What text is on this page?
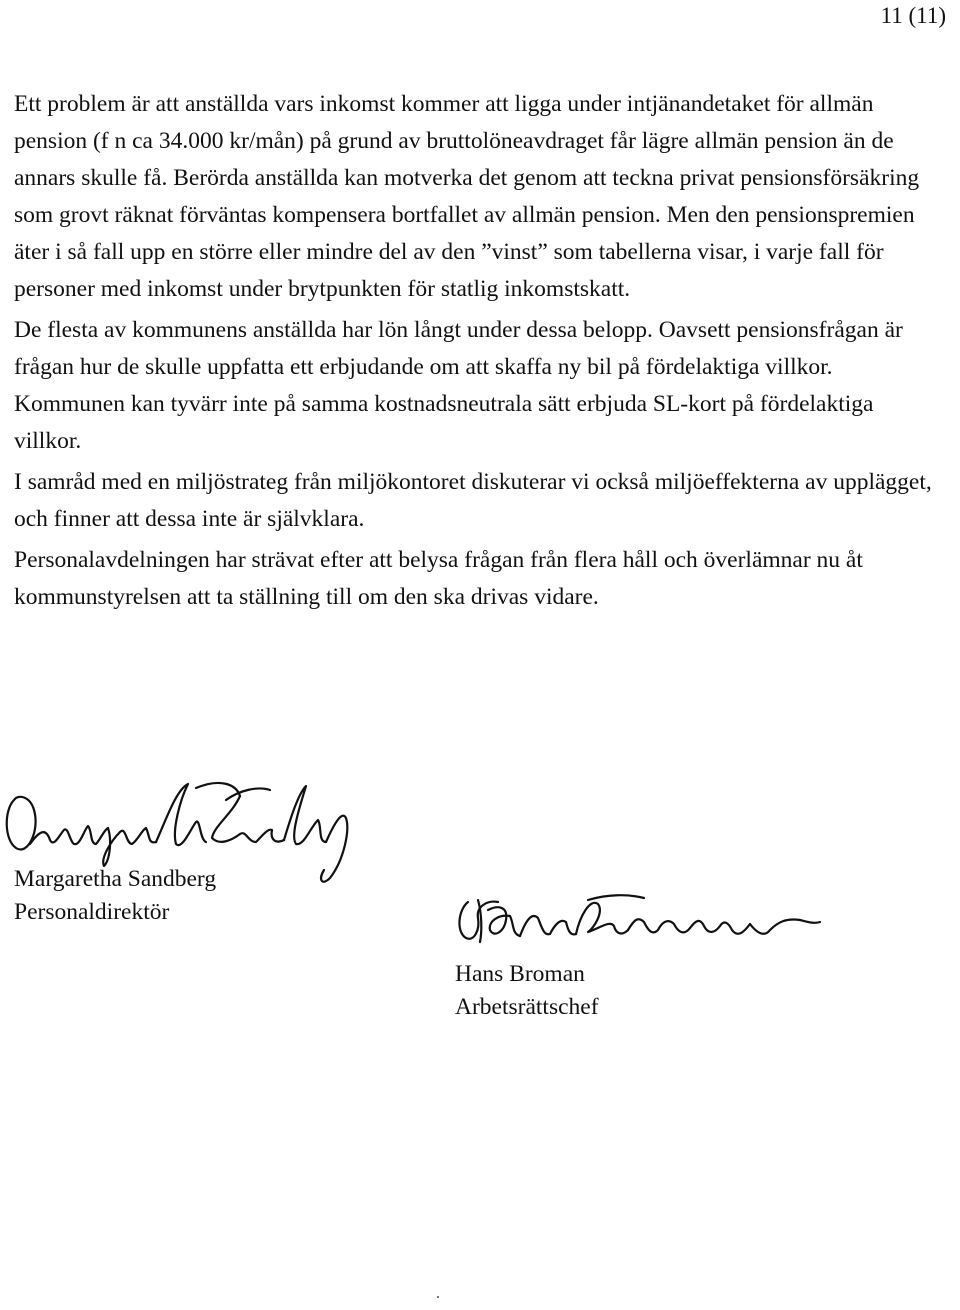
11 (11)

Ett problem är att anställda vars inkomst kommer att ligga under intjänandetaket för allmän pension (f n ca 34.000 kr/mån) på grund av bruttolöneavdraget får lägre allmän pension än de annars skulle få. Berörda anställda kan motverka det genom att teckna privat pensionsförsäkring som grovt räknat förväntas kompensera bortfallet av allmän pension. Men den pensionspremien äter i så fall upp en större eller mindre del av den ”vinst” som tabellerna visar, i varje fall för personer med inkomst under brytpunkten för statlig inkomstskatt.

De flesta av kommunens anställda har lön långt under dessa belopp. Oavsett pensionsfrågan är frågan hur de skulle uppfatta ett erbjudande om att skaffa ny bil på fördelaktiga villkor. Kommunen kan tyvärr inte på samma kostnadsneutrala sätt erbjuda SL-kort på fördelaktiga villkor.

I samråd med en miljöstrateg från miljökontoret diskuterar vi också miljöeffekterna av upplägget, och finner att dessa inte är självklara.

Personalavdelningen har strävat efter att belysa frågan från flera håll och överlämnar nu åt kommunstyrelsen att ta ställning till om den ska drivas vidare.

Margaretha Sandberg
Personaldirektör
Hans Broman
Arbetsrättschef
